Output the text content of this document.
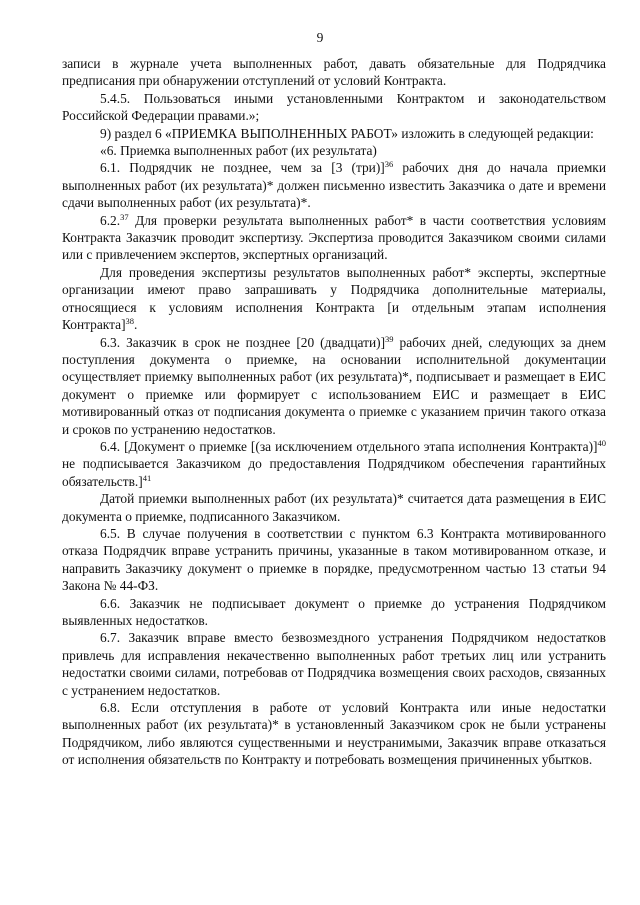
9

записи в журнале учета выполненных работ, давать обязательные для Подрядчика предписания при обнаружении отступлений от условий Контракта.

5.4.5. Пользоваться иными установленными Контрактом и законодательством Российской Федерации правами.»;

9) раздел 6 «ПРИЕМКА ВЫПОЛНЕННЫХ РАБОТ» изложить в следующей редакции:

«6. Приемка выполненных работ (их результата)

6.1. Подрядчик не позднее, чем за [3 (три)]$^{36}$ рабочих дня до начала приемки выполненных работ (их результата)* должен письменно известить Заказчика о дате и времени сдачи выполненных работ (их результата)*.

6.2.37 Для проверки результата выполненных работ* в части соответствия условиям Контракта Заказчик проводит экспертизу. Экспертиза проводится Заказчиком своими силами или с привлечением экспертов, экспертных организаций.

Для проведения экспертизы результатов выполненных работ* эксперты, экспертные организации имеют право запрашивать у Подрядчика дополнительные материалы, относящиеся к условиям исполнения Контракта [и отдельным этапам исполнения Контракта]$^{38}$.

6.3. Заказчик в срок не позднее [20 (двадцати)]$^{39}$ рабочих дней, следующих за днем поступления документа о приемке, на основании исполнительной документации осуществляет приемку выполненных работ (их результата)*, подписывает и размещает в ЕИС документ о приемке или формирует с использованием ЕИС и размещает в ЕИС мотивированный отказ от подписания документа о приемке с указанием причин такого отказа и сроков по устранению недостатков.

6.4. [Документ о приемке [(за исключением отдельного этапа исполнения Контракта)]$^{40}$ не подписывается Заказчиком до предоставления Подрядчиком обеспечения гарантийных обязательств.]$^{41}$

Датой приемки выполненных работ (их результата)* считается дата размещения в ЕИС документа о приемке, подписанного Заказчиком.

6.5. В случае получения в соответствии с пунктом 6.3 Контракта мотивированного отказа Подрядчик вправе устранить причины, указанные в таком мотивированном отказе, и направить Заказчику документ о приемке в порядке, предусмотренном частью 13 статьи 94 Закона № 44-ФЗ.

6.6. Заказчик не подписывает документ о приемке до устранения Подрядчиком выявленных недостатков.

6.7. Заказчик вправе вместо безвозмездного устранения Подрядчиком недостатков привлечь для исправления некачественно выполненных работ третьих лиц или устранить недостатки своими силами, потребовав от Подрядчика возмещения своих расходов, связанных с устранением недостатков.

6.8. Если отступления в работе от условий Контракта или иные недостатки выполненных работ (их результата)* в установленный Заказчиком срок не были устранены Подрядчиком, либо являются существенными и неустранимыми, Заказчик вправе отказаться от исполнения обязательств по Контракту и потребовать возмещения причиненных убытков.
